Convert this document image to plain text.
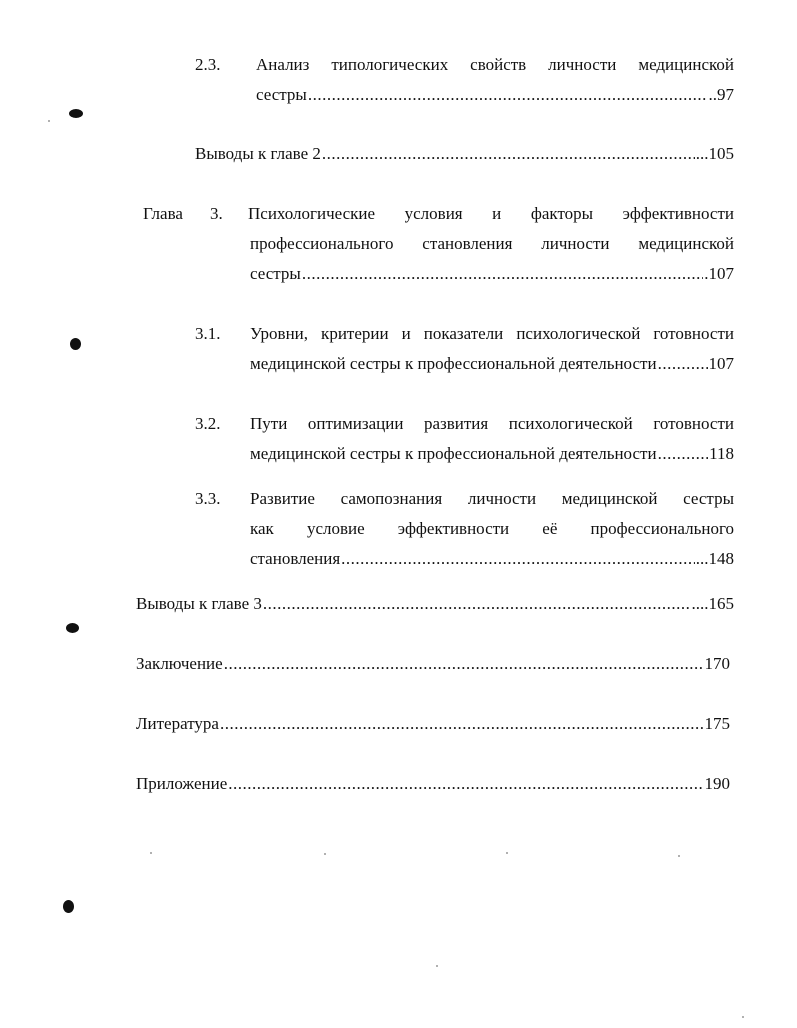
2.3. Анализ типологических свойств личности медицинской
сестры .....	..97
Выводы к главе 2 .....	...105
Глава 3. Психологические условия и факторы эффективности
профессионального становления личности медицинской
сестры .....	.107
3.1. Уровни, критерии и показатели психологической готовности
медицинской сестры к профессиональной деятельности .....	107
3.2. Пути оптимизации развития психологической готовности
медицинской сестры к профессиональной деятельности .....	118
3.3. Развитие самопознания личности медицинской сестры
как условие эффективности её профессионального
становления .....	...148
Выводы к главе 3 .....	....165
Заключение .....	170
Литература .....	175
Приложение .....	190
